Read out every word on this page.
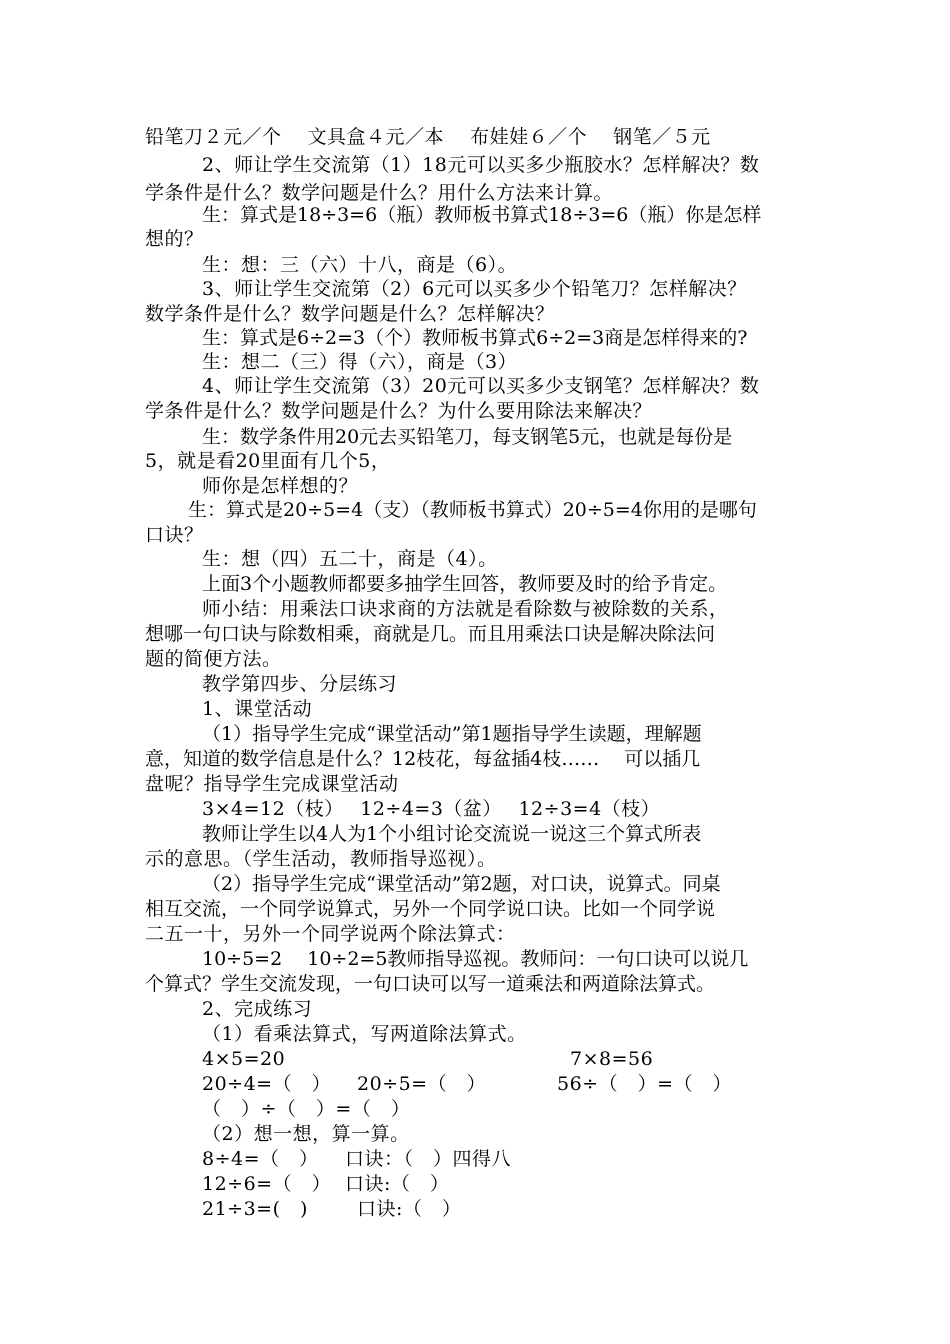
铅笔刀２元／个　 文具盒４元／本　 布娃娃６／个　 钢笔／５元
2、师让学生交流第（1）18元可以买多少瓶胶水？怎样解决？数
学条件是什么？数学问题是什么？用什么方法来计算。
生：算式是18÷3=6（瓶）教师板书算式18÷3=6（瓶）你是怎样
想的？
生：想：三（六）十八，商是（6）。
3、师让学生交流第（2）6元可以买多少个铅笔刀？怎样解决？
数学条件是什么？数学问题是什么？怎样解决？
生：算式是6÷2=3（个）教师板书算式6÷2=3商是怎样得来的?
生：想二（三）得（六），商是（3）
4、师让学生交流第（3）20元可以买多少支钢笔？怎样解决？数
学条件是什么？数学问题是什么？为什么要用除法来解决？
生：数学条件用20元去买铅笔刀，每支钢笔5元，也就是每份是
5，就是看20里面有几个5，
师你是怎样想的？
生：算式是20÷5=4（支）（教师板书算式）20÷5=4你用的是哪句
口诀？
生：想（四）五二十，商是（4）。
上面3个小题教师都要多抽学生回答，教师要及时的给予肯定。
师小结：用乘法口诀求商的方法就是看除数与被除数的关系，
想哪一句口诀与除数相乘，商就是几。而且用乘法口诀是解决除法问
题的简便方法。
教学第四步、分层练习
1、课堂活动
（1）指导学生完成“课堂活动”第1题指导学生读题，理解题
意，知道的数学信息是什么？12枝花，每盆插4枝……　 可以插几
盘呢？指导学生完成课堂活动
3×4=12（枝）　 12÷4=3（盆）　 12÷3=4（枝）
教师让学生以4人为1个小组讨论交流说一说这三个算式所表
示的意思。（学生活动，教师指导巡视）。
（2）指导学生完成“课堂活动”第2题，对口诀，说算式。同桌
相互交流，一个同学说算式，另外一个同学说口诀。比如一个同学说
二五一十，另外一个同学说两个除法算式：
10÷5=2　 10÷2=5教师指导巡视。教师问：一句口诀可以说几
个算式？学生交流发现，一句口诀可以写一道乘法和两道除法算式。
2、完成练习
（1）看乘法算式，写两道除法算式。
4×5=20	7×8=56
20÷4=（　） 20÷5=（　）	56÷（　）=（　）
（　）÷（　）=（　）
（2）想一想，算一算。
8÷4=（　） 口诀：（　）四得八
12÷6=（　） 口诀:（　）
21÷3=(　)	口诀:（　）
